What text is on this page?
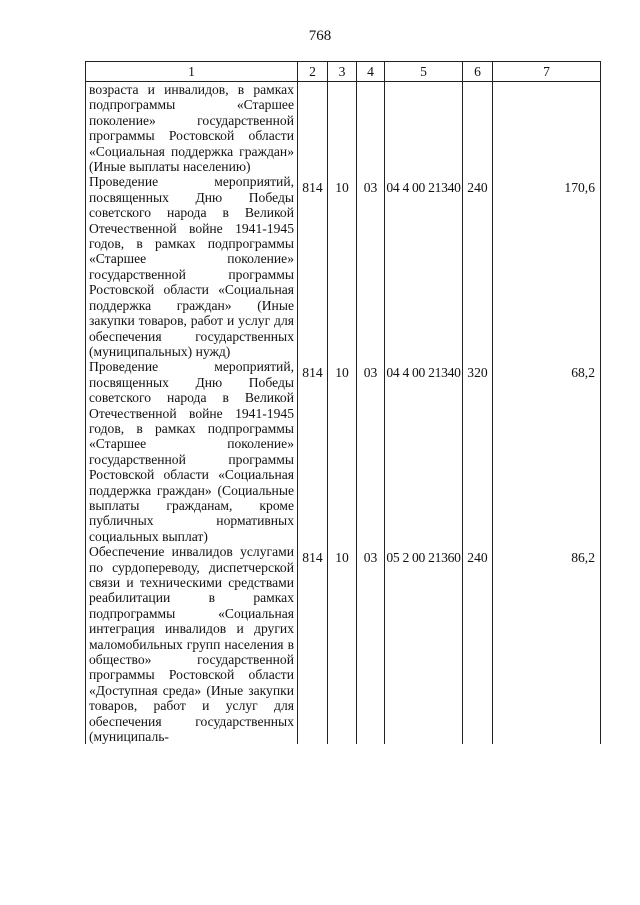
768
1	2	3	4	5	6	7
возраста и инвалидов, в рамках подпрограммы «Старшее поколение» государственной программы Ростовской области «Социальная поддержка граждан» (Иные выплаты населению)						
Проведение мероприятий, посвященных Дню Победы советского народа в Великой Отечественной войне 1941-1945 годов, в рамках подпрограммы «Старшее поколение» государственной программы Ростовской области «Социальная поддержка граждан» (Иные закупки товаров, работ и услуг для обеспечения государственных (муниципальных) нужд)	814	10	03	04 4 00 21340	240	170,6
Проведение мероприятий, посвященных Дню Победы советского народа в Великой Отечественной войне 1941-1945 годов, в рамках подпрограммы «Старшее поколение» государственной программы Ростовской области «Социальная поддержка граждан» (Социальные выплаты гражданам, кроме публичных нормативных социальных выплат)	814	10	03	04 4 00 21340	320	68,2
Обеспечение инвалидов услугами по сурдопереводу, диспетчерской связи и техническими средствами реабилитации в рамках подпрограммы «Социальная интеграция инвалидов и других маломобильных групп населения в общество» государственной программы Ростовской области «Доступная среда» (Иные закупки товаров, работ и услуг для обеспечения государственных (муниципаль-	814	10	03	05 2 00 21360	240	86,2
